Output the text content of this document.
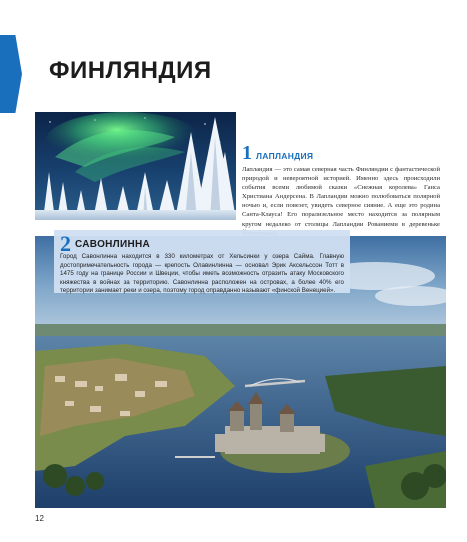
ФИНЛЯНДИЯ
1 ЛАПЛАНДИЯ
Лапландия — это самая северная часть Финляндии с фантастической природой и невероятной историей. Именно здесь происходили события всеми любимой сказки «Снежная королева» Ганса Христиана Андерсена. В Лапландии можно полюбоваться полярной ночью и, если повезет, увидеть северное сияние. А еще это родина Санта-Клауса! Его порализельное место находится за полярным кругом недалеко от столицы Лапландии Рованиеми в деревеньке
2 САВОНЛИННА
Город Савонлинна находится в 330 километрах от Хельсинки у озера Сайма. Главную достопримечательность города — крепость Олавинлинна — основал Эрик Аксельссон Тотт в 1475 году на границе России и Швеции, чтобы иметь возможность отразить атаку Московского княжества в войнах за территорию. Савонлинна расположен на островах, а более 40% его территории занимает реки и озера, поэтому город оправданно называют «финской Венецией».
12
